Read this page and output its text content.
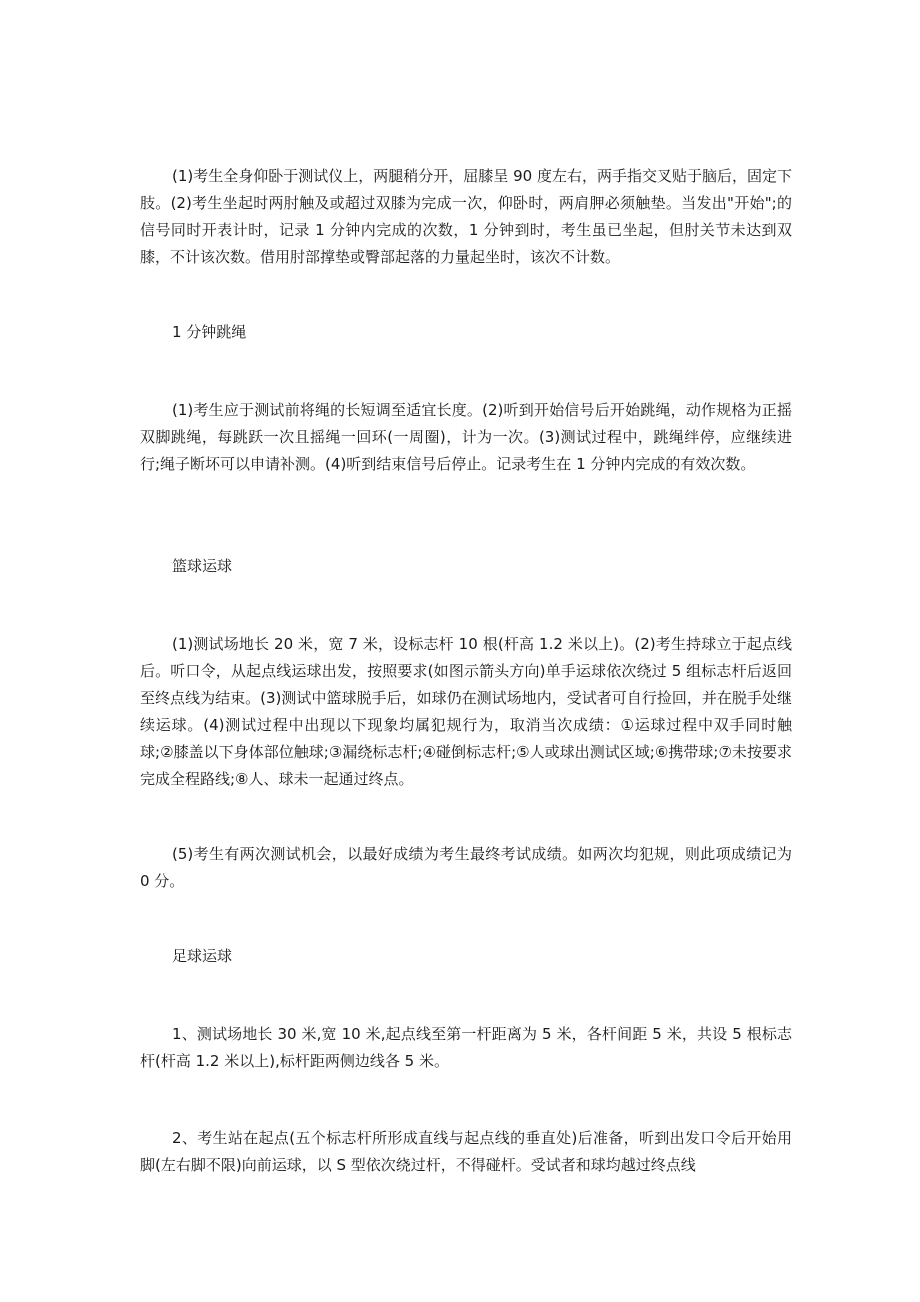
(1)考生全身仰卧于测试仪上，两腿稍分开，屈膝呈 90 度左右，两手指交叉贴于脑后，固定下肢。(2)考生坐起时两肘触及或超过双膝为完成一次，仰卧时，两肩胛必须触垫。当发出"开始";的信号同时开表计时，记录 1 分钟内完成的次数，1 分钟到时，考生虽已坐起，但肘关节未达到双膝，不计该次数。借用肘部撑垫或臀部起落的力量起坐时，该次不计数。

1 分钟跳绳

(1)考生应于测试前将绳的长短调至适宜长度。(2)听到开始信号后开始跳绳，动作规格为正摇双脚跳绳，每跳跃一次且摇绳一回环(一周圈)，计为一次。(3)测试过程中，跳绳绊停，应继续进行;绳子断坏可以申请补测。(4)听到结束信号后停止。记录考生在 1 分钟内完成的有效次数。

篮球运球

(1)测试场地长 20 米，宽 7 米，设标志杆 10 根(杆高 1.2 米以上)。(2)考生持球立于起点线后。听口令，从起点线运球出发，按照要求(如图示箭头方向)单手运球依次绕过 5 组标志杆后返回至终点线为结束。(3)测试中篮球脱手后，如球仍在测试场地内，受试者可自行捡回，并在脱手处继续运球。(4)测试过程中出现以下现象均属犯规行为，取消当次成绩：①运球过程中双手同时触球;②膝盖以下身体部位触球;③漏绕标志杆;④碰倒标志杆;⑤人或球出测试区域;⑥携带球;⑦未按要求完成全程路线;⑧人、球未一起通过终点。

(5)考生有两次测试机会，以最好成绩为考生最终考试成绩。如两次均犯规，则此项成绩记为 0 分。

足球运球

1、测试场地长 30 米,宽 10 米,起点线至第一杆距离为 5 米，各杆间距 5 米，共设 5 根标志杆(杆高 1.2 米以上),标杆距两侧边线各 5 米。

2、考生站在起点(五个标志杆所形成直线与起点线的垂直处)后准备，听到出发口令后开始用脚(左右脚不限)向前运球，以 S 型依次绕过杆，不得碰杆。受试者和球均越过终点线
